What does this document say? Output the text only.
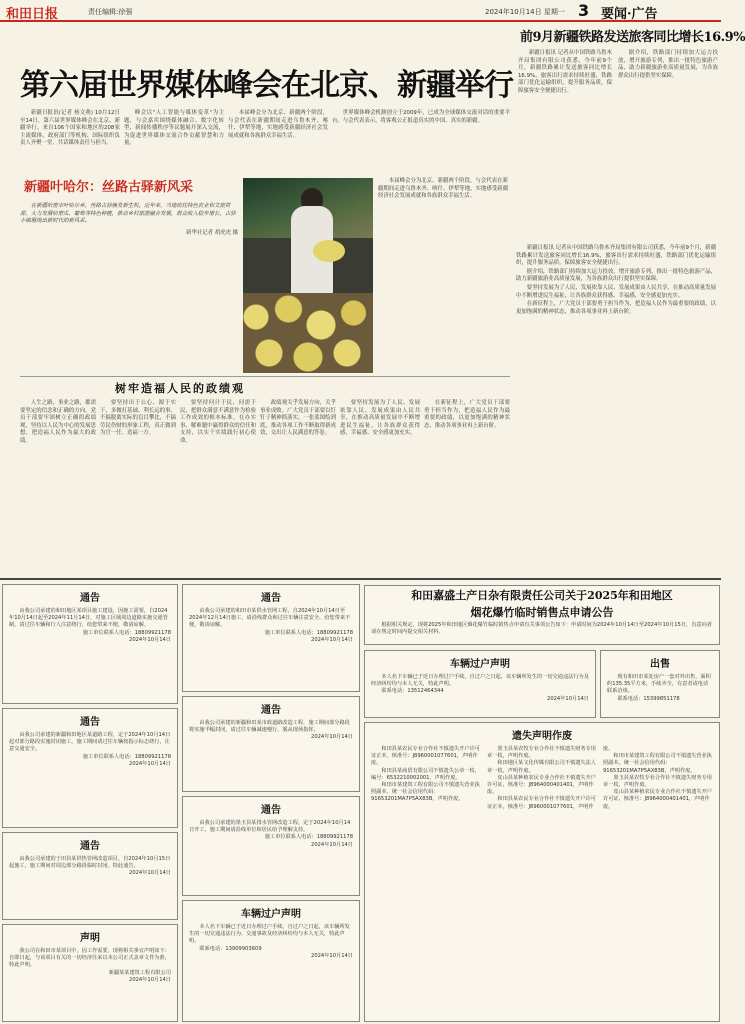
和田日报	责任编辑:徐强	2024年10月14日 星期一 3 要闻·广告
前9月新疆铁路发送旅客同比增长16.9%

新疆日报讯 记者从中国铁路乌鲁木齐局集团有限公司获悉，今年前9个月，新疆铁路累计发送旅客同比增长16.9%，旅客出行需求持续旺盛，铁路部门优化运输组织，提升服务品质，保障旅客安全便捷出行。

据介绍，铁路部门持续加大运力投放，增开旅游专列，推出一批特色旅游产品，助力新疆旅游业高质量发展，为各族群众出行提供坚实保障。

第六届世界媒体峰会在北京、新疆举行

新疆日报讯(记者 杨文燕) 10月12日至14日，第六届世界媒体峰会在北京、新疆举行。来自106个国家和地区的208家主流媒体、政府部门等机构、国际组织负责人齐聚一堂，共话媒体责任与担当。

峰会以"人工智能与媒体变革"为主题，与会嘉宾围绕媒体融合、数字化转型、新闻传播秩序等议题展开深入交流，为促进世界媒体交流合作贡献智慧和力量。

本届峰会分为北京、新疆两个阶段，与会代表在新疆期间走进乌鲁木齐、喀什、伊犁等地，实地感受新疆经济社会发展成就和各族群众幸福生活。

世界媒体峰会机制创立于2009年，已成为全球媒体交流对话的重要平台。与会代表表示，将客观公正报道真实的中国、真实的新疆。

新疆叶哈尔：丝路古驿新风采

在新疆哈密市叶哈尔乡，丝路古驿焕发新生机。近年来，当地依托特色农业和文旅资源，大力发展哈密瓜、葡萄等特色种植，推动乡村旅游融合发展，群众收入稳步增长，古驿小镇展现出新时代的新风采。

新华社记者 胡虎虎 摄

本届峰会分为北京、新疆两个阶段，与会代表在新疆期间走进乌鲁木齐、喀什、伊犁等地，实地感受新疆经济社会发展成就和各族群众幸福生活。

新疆日报讯 记者从中国铁路乌鲁木齐局集团有限公司获悉，今年前9个月，新疆铁路累计发送旅客同比增长16.9%，旅客出行需求持续旺盛，铁路部门优化运输组织，提升服务品质，保障旅客安全便捷出行。

据介绍，铁路部门持续加大运力投放，增开旅游专列，推出一批特色旅游产品，助力新疆旅游业高质量发展，为各族群众出行提供坚实保障。

要坚持发展为了人民、发展依靠人民、发展成果由人民共享，在推动高质量发展中不断增进民生福祉，让各族群众获得感、幸福感、安全感更加充实。

在新征程上，广大党员干部要勇于担当作为，把造福人民作为最重要的政绩，以更加饱满的精神状态，推动各项事业再上新台阶。

树牢造福人民的政绩观

人生之路，事业之路，都需要坚定的信念和正确的方向。党员干部要牢固树立正确的政绩观，坚持以人民为中心的发展思想，把造福人民作为最大的政绩。

要坚持出于公心、源于实干，多做打基础、利长远的事，不搞脱离实际的盲目攀比，不搞劳民伤财的形象工程，真正做到为官一任、造福一方。

要坚持问计于民、问需于民，把群众满意不满意作为检验工作成效的根本标准，在办实事、解难题中赢得群众的信任和支持，以实干实绩践行初心使命。

政绩观关乎发展方向，关乎事业成败。广大党员干部要以钉钉子精神抓落实，一张蓝图绘到底，推动各项工作不断取得新成效，交出让人民满意的答卷。

要坚持发展为了人民、发展依靠人民、发展成果由人民共享，在推动高质量发展中不断增进民生福祉，让各族群众获得感、幸福感、安全感更加充实。

在新征程上，广大党员干部要勇于担当作为，把造福人民作为最重要的政绩，以更加饱满的精神状态，推动各项事业再上新台阶。

通告

由我公司承建的和田地区某项目施工建设，因施工需要，自2024年10月14日起至2024年11月14日，对施工区域周边道路实施交通管制。请过往车辆和行人注意绕行，给您带来不便，敬请谅解。

施工单位联系人电话：18809921178

2024年10月14日

通告

由我公司承建的新疆和田地区某道路工程，定于2024年10月14日起对部分路段实施封闭施工。施工期间请过往车辆按指示标志绕行，注意交通安全。

施工单位联系人电话：18809921178

2024年10月14日

通告

由我公司承建的于田县某供热管网改造项目，自2024年10月15日起施工，施工期间对周边部分路段临时封闭。特此通告。

2024年10月14日

声明

我公司在和田市某项目中，因工作需要，现将相关事宜声明如下：自即日起，与该项目有关的一切经济往来以本公司正式盖章文件为准，特此声明。

新疆某某建筑工程有限公司

2024年10月14日

通告

由我公司承建的和田市某供水管网工程，自2024年10月14日至2024年12月14日施工，请沿线群众和过往车辆注意安全，给您带来不便，敬请谅解。

施工单位联系人电话：18809921178

2024年10月14日

通告

由我公司承建的新疆和田某市政道路改造工程，施工期间部分路段将实施半幅封闭，请过往车辆减速慢行，服从现场指挥。

2024年10月14日

通告

由我公司承建的墨玉县某排水管网改造工程，定于2024年10月14日开工，施工期间请沿线单位和居民给予理解支持。

施工单位联系人电话：18809921178

2024年10月14日

车辆过户声明

本人名下车辆已于近日办理过户手续，自过户之日起，该车辆所发生的一切交通违法行为、交通事故及经济纠纷均与本人无关，特此声明。

联系电话：13909903609

2024年10月14日

和田嘉盛土产日杂有限责任公司关于2025年和田地区
烟花爆竹临时销售点申请公告

根据相关规定，现将2025年和田地区烟花爆竹临时销售点申请有关事项公告如下：申请时间为2024年10月14日至2024年10月15日，有意向者请在规定时间内提交相关材料。

车辆过户声明

本人名下车辆已于近日办理过户手续，自过户之日起，该车辆所发生的一切交通违法行为及经济纠纷均与本人无关，特此声明。

联系电话：13512464344

2024年10月14日

出售

现有和田市某处房产一套对外出售，面积约135.35平方米，手续齐全，有意者请电话联系洽谈。

联系电话：15399851178

遗失声明作废

和田县某农民专业合作社不慎遗失开户许可证正本，核准号：J8960001077601，声明作废。

和田县某商贸有限公司不慎遗失公章一枚，编号：6532210002001，声明作废。

和田市某建筑工程有限公司不慎遗失营业执照副本，统一社会信用代码：91653201MA7P5AX83B，声明作废。

墨玉县某农牧专业合作社不慎遗失财务专用章一枚，声明作废。

和田地区某文化传媒有限公司不慎遗失法人章一枚，声明作废。

皮山县某种植农民专业合作社不慎遗失开户许可证，核准号：J8964000401401，声明作废。

和田县某农民专业合作社不慎遗失开户许可证正本，核准号：J8960001077601，声明作废。

和田市某建筑工程有限公司不慎遗失营业执照副本，统一社会信用代码：91653201MA7P5AX83B，声明作废。

墨玉县某农牧专业合作社不慎遗失财务专用章一枚，声明作废。

皮山县某种植农民专业合作社不慎遗失开户许可证，核准号：J8964000401401，声明作废。
